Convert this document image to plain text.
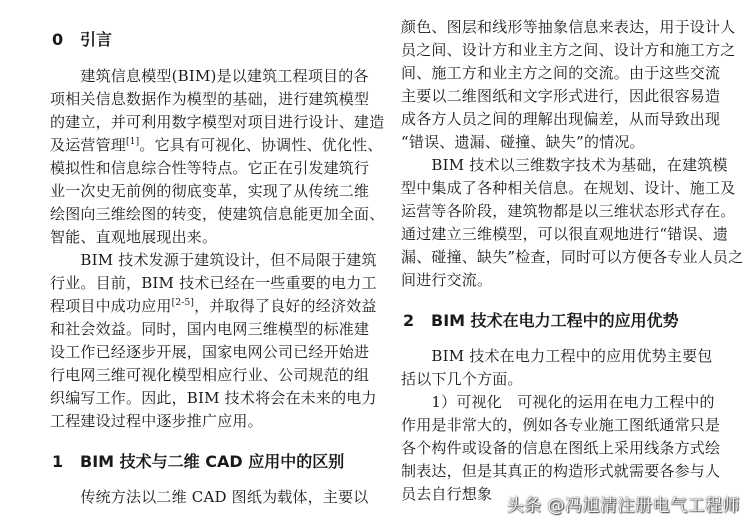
0 引言
　　建筑信息模型(BIM)是以建筑工程项目的各
项相关信息数据作为模型的基础，进行建筑模型
的建立，并可利用数字模型对项目进行设计、建造
及运营管理[1]。它具有可视化、协调性、优化性、
模拟性和信息综合性等特点。它正在引发建筑行
业一次史无前例的彻底变革，实现了从传统二维
绘图向三维绘图的转变，使建筑信息能更加全面、
智能、直观地展现出来。
　　BIM 技术发源于建筑设计，但不局限于建筑
行业。目前，BIM 技术已经在一些重要的电力工
程项目中成功应用[2-5]，并取得了良好的经济效益
和社会效益。同时，国内电网三维模型的标准建
设工作已经逐步开展，国家电网公司已经开始进
行电网三维可视化模型相应行业、公司规范的组
织编写工作。因此，BIM 技术将会在未来的电力
工程建设过程中逐步推广应用。
1 BIM 技术与二维 CAD 应用中的区别
　　传统方法以二维 CAD 图纸为载体，主要以
颜色、图层和线形等抽象信息来表达，用于设计人
员之间、设计方和业主方之间、设计方和施工方之
间、施工方和业主方之间的交流。由于这些交流
主要以二维图纸和文字形式进行，因此很容易造
成各方人员之间的理解出现偏差，从而导致出现
“错误、遗漏、碰撞、缺失”的情况。
　　BIM 技术以三维数字技术为基础，在建筑模
型中集成了各种相关信息。在规划、设计、施工及
运营等各阶段，建筑物都是以三维状态形式存在。
通过建立三维模型，可以很直观地进行“错误、遗
漏、碰撞、缺失”检查，同时可以方便各专业人员之
间进行交流。
2 BIM 技术在电力工程中的应用优势
　　BIM 技术在电力工程中的应用优势主要包
括以下几个方面。
　　1）可视化　可视化的运用在电力工程中的
作用是非常大的，例如各专业施工图纸通常只是
各个构件或设备的信息在图纸上采用线条方式绘
制表达，但是其真正的构造形式就需要各参与人
员去自行想象
头条 @冯旭清注册电气工程师
